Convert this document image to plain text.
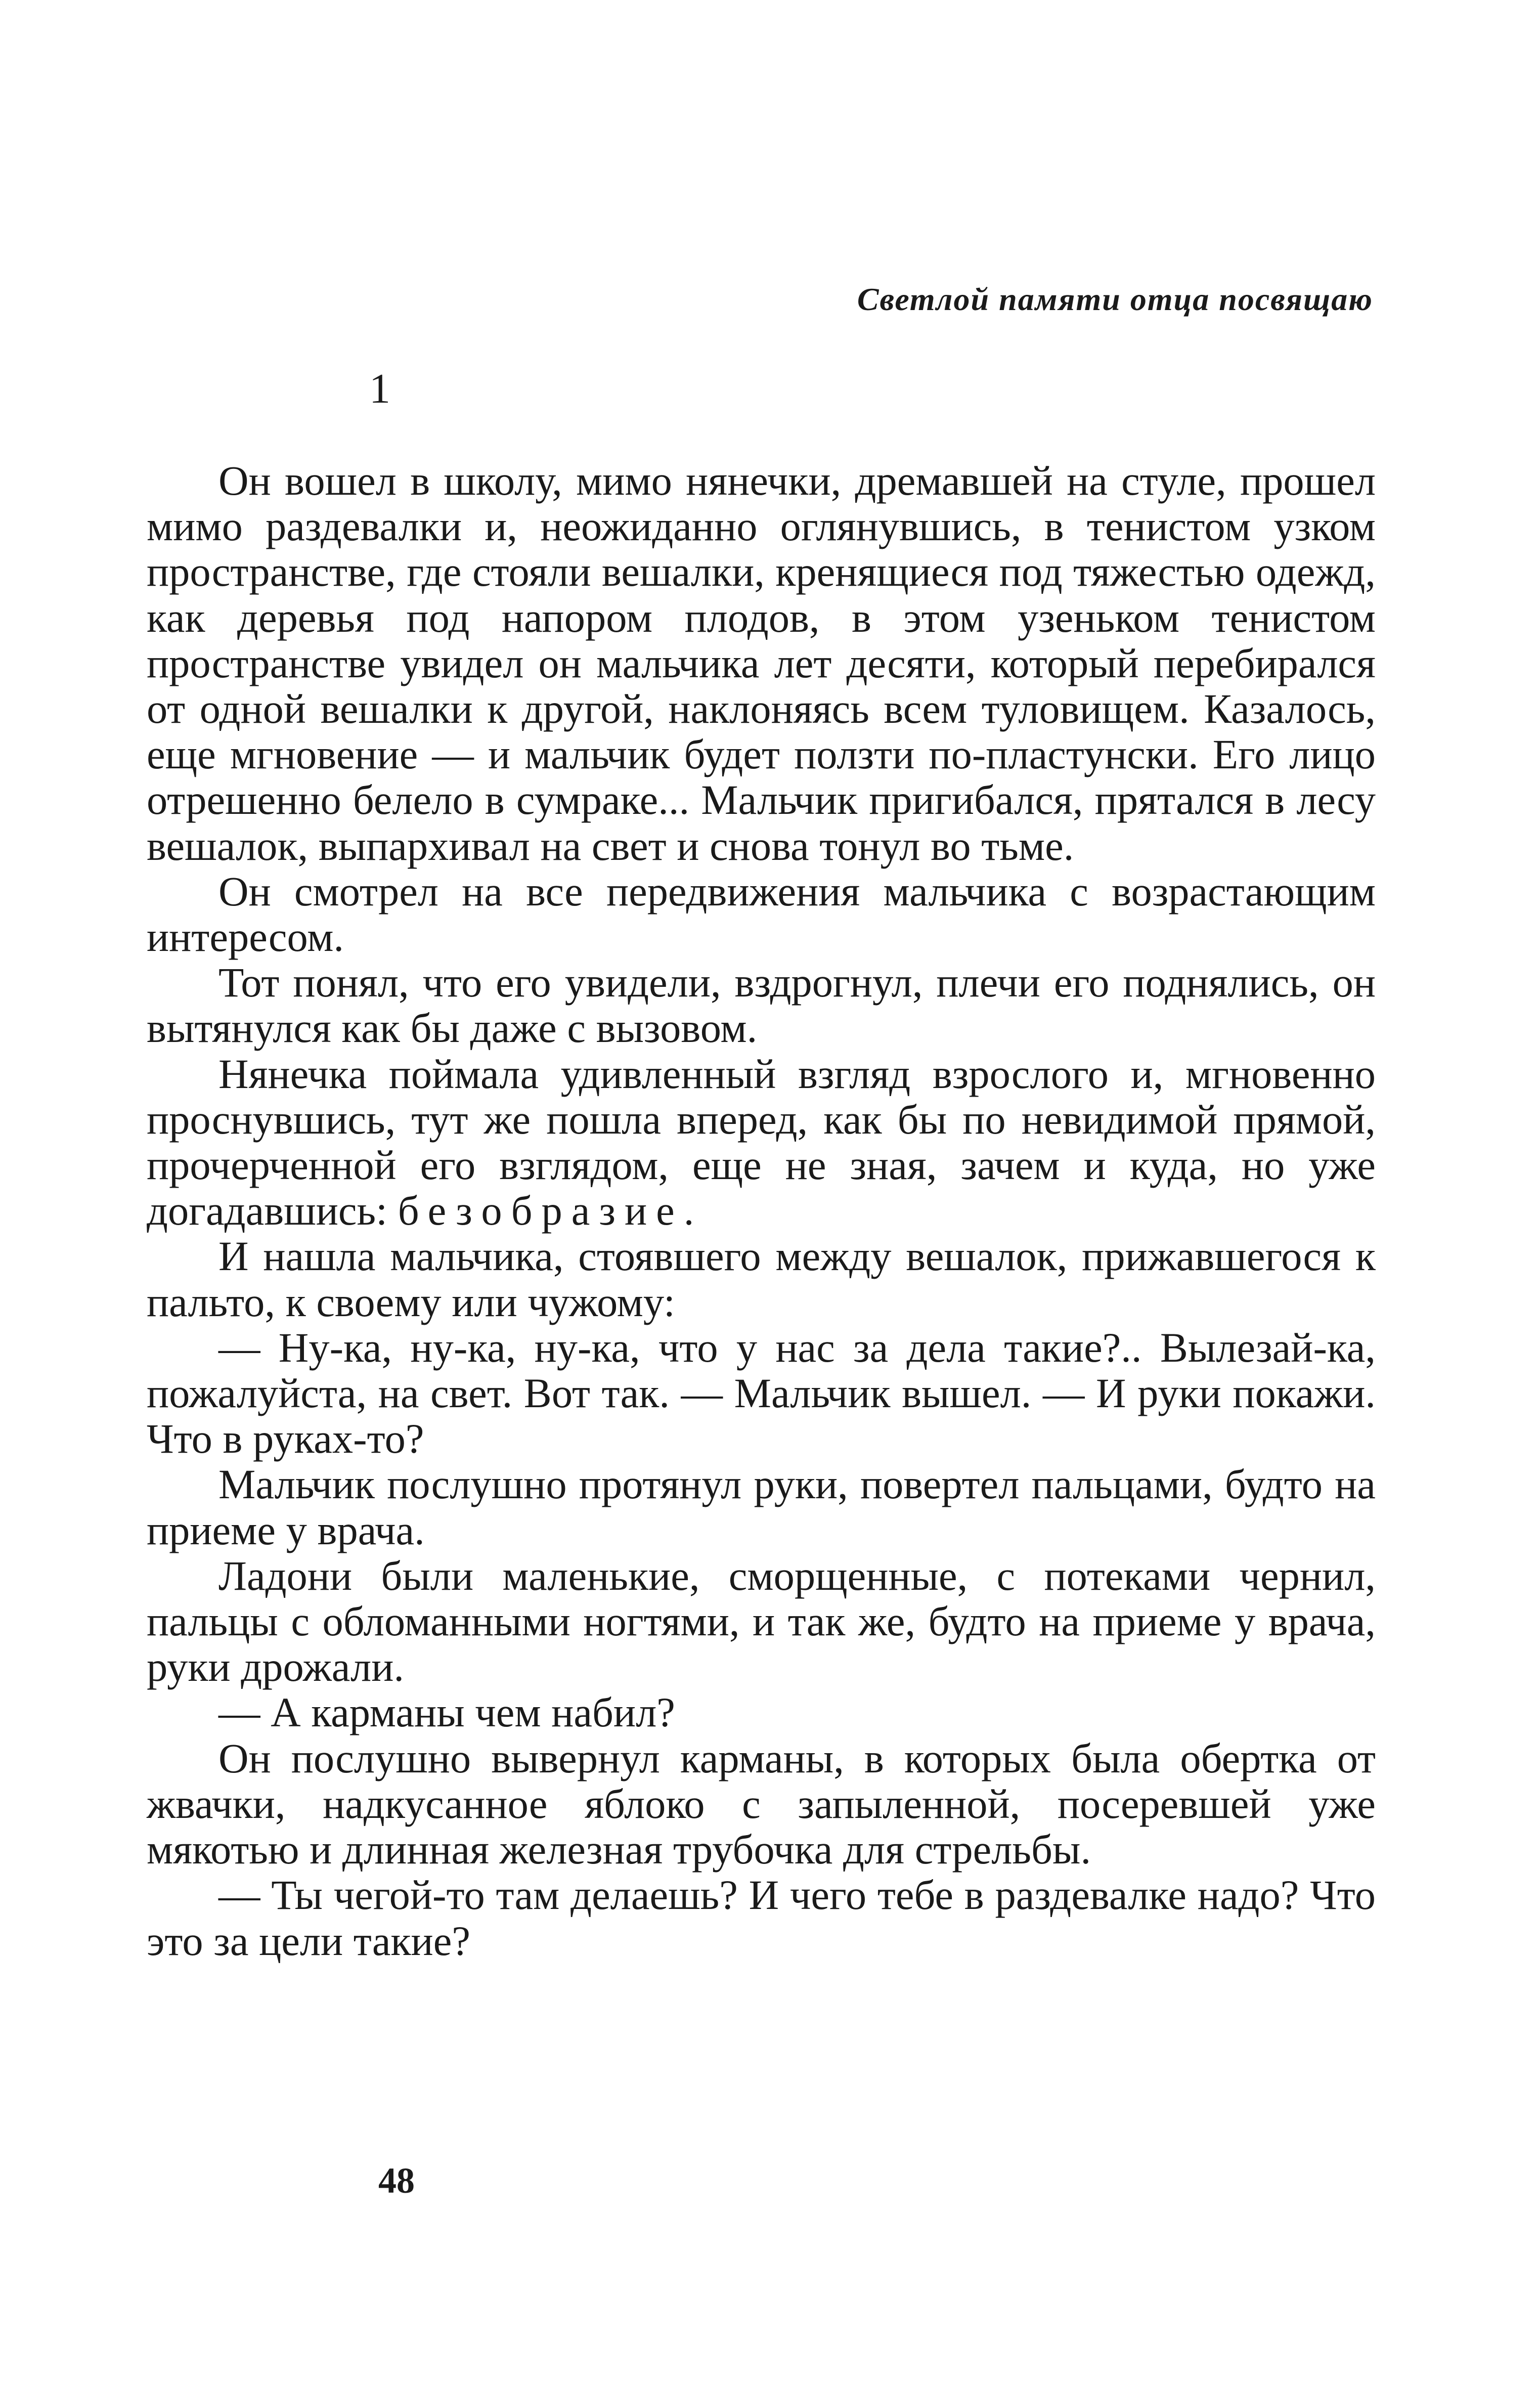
Светлой памяти отца посвящаю
1

Он вошел в школу, мимо нянечки, дремавшей на стуле, прошел мимо раздевалки и, неожиданно оглянувшись, в тенистом узком пространстве, где стояли вешалки, кренящиеся под тяжестью одежд, как деревья под напором плодов, в этом узеньком тенистом пространстве увидел он мальчика лет десяти, который перебирался от одной вешалки к другой, наклоняясь всем туловищем. Казалось, еще мгновение — и мальчик будет ползти по-пластунски. Его лицо отрешенно белело в сумраке... Мальчик пригибался, прятался в лесу вешалок, выпархивал на свет и снова тонул во тьме.

Он смотрел на все передвижения мальчика с возрастающим интересом.

Тот понял, что его увидели, вздрогнул, плечи его поднялись, он вытянулся как бы даже с вызовом.

Нянечка поймала удивленный взгляд взрослого и, мгновенно проснувшись, тут же пошла вперед, как бы по невидимой прямой, прочерченной его взглядом, еще не зная, зачем и куда, но уже догадавшись: безобразие.

И нашла мальчика, стоявшего между вешалок, прижавшегося к пальто, к своему или чужому:

— Ну-ка, ну-ка, ну-ка, что у нас за дела такие?.. Вылезай-ка, пожалуйста, на свет. Вот так. — Мальчик вышел. — И руки покажи. Что в руках-то?

Мальчик послушно протянул руки, повертел пальцами, будто на приеме у врача.

Ладони были маленькие, сморщенные, с потеками чернил, пальцы с обломанными ногтями, и так же, будто на приеме у врача, руки дрожали.

— А карманы чем набил?

Он послушно вывернул карманы, в которых была обертка от жвачки, надкусанное яблоко с запыленной, посеревшей уже мякотью и длинная железная трубочка для стрельбы.

— Ты чегой-то там делаешь? И чего тебе в раздевалке надо? Что это за цели такие?

48
